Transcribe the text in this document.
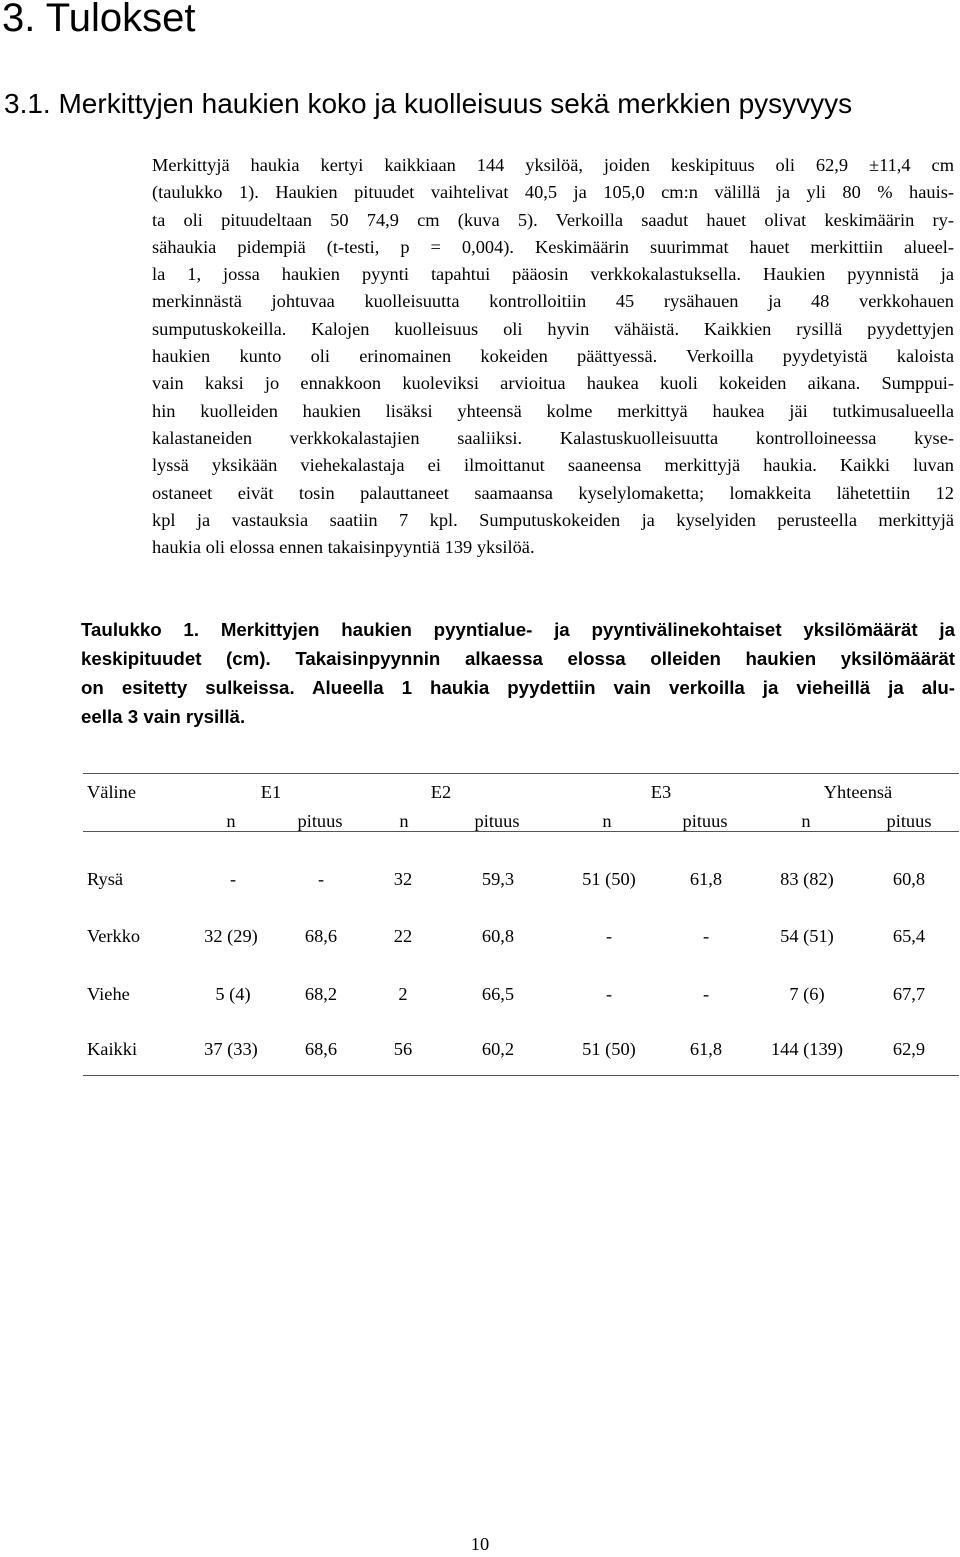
3. Tulokset
3.1. Merkittyjen haukien koko ja kuolleisuus sekä merkkien pysyvyys
Merkittyjä haukia kertyi kaikkiaan 144 yksilöä, joiden keskipituus oli 62,9 ±11,4 cm
(taulukko 1). Haukien pituudet vaihtelivat 40,5 ja 105,0 cm:n välillä ja yli 80 % hauis-
ta oli pituudeltaan 50 74,9 cm (kuva 5). Verkoilla saadut hauet olivat keskimäärin ry-
sähaukia pidempiä (t-testi, p = 0,004). Keskimäärin suurimmat hauet merkittiin alueel-
la 1, jossa haukien pyynti tapahtui pääosin verkkokalastuksella. Haukien pyynnistä ja
merkinnästä johtuvaa kuolleisuutta kontrolloitiin 45 rysähauen ja 48 verkkohauen
sumputuskokeilla. Kalojen kuolleisuus oli hyvin vähäistä. Kaikkien rysillä pyydettyjen
haukien kunto oli erinomainen kokeiden päättyessä. Verkoilla pyydetyistä kaloista
vain kaksi jo ennakkoon kuoleviksi arvioitua haukea kuoli kokeiden aikana. Sumppui-
hin kuolleiden haukien lisäksi yhteensä kolme merkittyä haukea jäi tutkimusalueella
kalastaneiden verkkokalastajien saaliiksi. Kalastuskuolleisuutta kontrolloineessa kyse-
lyssä yksikään viehekalastaja ei ilmoittanut saaneensa merkittyjä haukia. Kaikki luvan
ostaneet eivät tosin palauttaneet saamaansa kyselylomaketta; lomakkeita lähetettiin 12
kpl ja vastauksia saatiin 7 kpl. Sumputuskokeiden ja kyselyiden perusteella merkittyjä
haukia oli elossa ennen takaisinpyyntiä 139 yksilöä.
Taulukko 1. Merkittyjen haukien pyyntialue- ja pyyntivälinekohtaiset yksilömäärät ja
keskipituudet (cm). Takaisinpyynnin alkaessa elossa olleiden haukien yksilömäärät
on esitetty sulkeissa. Alueella 1 haukia pyydettiin vain verkoilla ja vieheillä ja alu-
eella 3 vain rysillä.
Väline	E1	E2	E3	Yhteensä
n	pituus	n	pituus	n	pituus	n	pituus
Rysä	-	-	32	59,3	51 (50)	61,8	83 (82)	60,8
Verkko	32 (29)	68,6	22	60,8	-	-	54 (51)	65,4
Viehe	5 (4)	68,2	2	66,5	-	-	7 (6)	67,7
Kaikki	37 (33)	68,6	56	60,2	51 (50)	61,8	144 (139)	62,9
10
